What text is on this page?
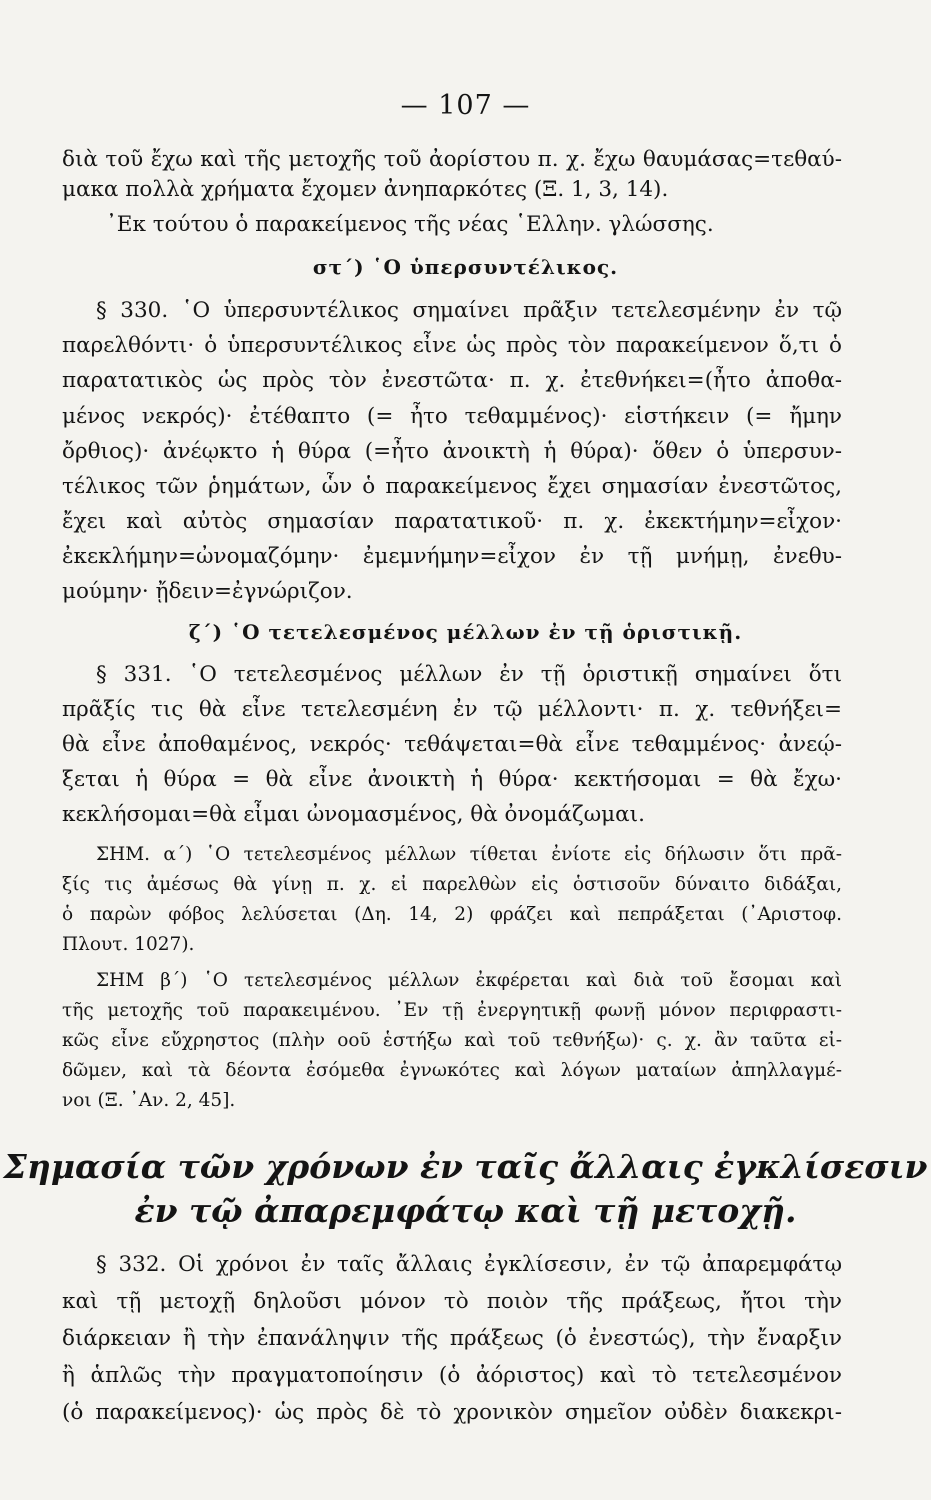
— 107 —
διὰ τοῦ ἔχω καὶ τῆς μετοχῆς τοῦ ἀορίστου π. χ. ἔχω θαυμάσας=τεθαύ-
μακα πολλὰ χρήματα ἔχομεν ἀνηπαρκότες (Ξ. 1, 3, 14).
᾿Εκ τούτου ὁ παρακείμενος τῆς νέας ῾Ελλην. γλώσσης.
στ´) ῾Ο ὑπερσυντέλικος.
§ 330. ῾Ο ὑπερσυντέλικος σημαίνει πρᾶξιν τετελεσμένην ἐν τῷ
παρελθόντι· ὁ ὑπερσυντέλικος εἶνε ὡς πρὸς τὸν παρακείμενον ὅ,τι ὁ
παρατατικὸς ὡς πρὸς τὸν ἐνεστῶτα· π. χ. ἐτεθνήκει=(ἦτο ἀποθα-
μένος νεκρός)· ἐτέθαπτο (= ἦτο τεθαμμένος)· εἱστήκειν (= ἤμην
ὄρθιος)· ἀνέῳκτο ἡ θύρα (=ἦτο ἀνοικτὴ ἡ θύρα)· ὅθεν ὁ ὑπερσυν-
τέλικος τῶν ῥημάτων, ὧν ὁ παρακείμενος ἔχει σημασίαν ἐνεστῶτος,
ἔχει καὶ αὐτὸς σημασίαν παρατατικοῦ· π. χ. ἐκεκτήμην=εἶχον·
ἐκεκλήμην=ὠνομαζόμην· ἐμεμνήμην=εἶχον ἐν τῇ μνήμῃ, ἐνεθυ-
μούμην· ᾔδειν=ἐγνώριζον.
ζ´) ῾Ο τετελεσμένος μέλλων ἐν τῇ ὁριστικῇ.
§ 331. ῾Ο τετελεσμένος μέλλων ἐν τῇ ὁριστικῇ σημαίνει ὅτι
πρᾶξίς τις θὰ εἶνε τετελεσμένη ἐν τῷ μέλλοντι· π. χ. τεθνήξει=
θὰ εἶνε ἀποθαμένος, νεκρός· τεθάψεται=θὰ εἶνε τεθαμμένος· ἀνεῴ-
ξεται ἡ θύρα = θὰ εἶνε ἀνοικτὴ ἡ θύρα· κεκτήσομαι = θὰ ἔχω·
κεκλήσομαι=θὰ εἶμαι ὠνομασμένος, θὰ ὀνομάζωμαι.
ΣΗΜ. α´) ῾Ο τετελεσμένος μέλλων τίθεται ἐνίοτε εἰς δήλωσιν ὅτι πρᾶ-
ξίς τις ἀμέσως θὰ γίνῃ π. χ. εἰ παρελθὼν εἰς ὁστισοῦν δύναιτο διδάξαι,
ὁ παρὼν φόβος λελύσεται (Δη. 14, 2) φράζει καὶ πεπράξεται (᾿Αριστοφ.
Πλουτ. 1027).
ΣΗΜ β´) ῾Ο τετελεσμένος μέλλων ἐκφέρεται καὶ διὰ τοῦ ἔσομαι καὶ
τῆς μετοχῆς τοῦ παρακειμένου. ᾿Εν τῇ ἐνεργητικῇ φωνῇ μόνον περιφραστι-
κῶς εἶνε εὔχρηστος (πλὴν οοῦ ἑστήξω καὶ τοῦ τεθνήξω)· ς. χ. ἂν ταῦτα εἰ-
δῶμεν, καὶ τὰ δέοντα ἐσόμεθα ἐγνωκότες καὶ λόγων ματαίων ἀπηλλαγμέ-
νοι (Ξ. ᾿Αν. 2, 45].
Σημασία τῶν χρόνων ἐν ταῖς ἄλλαις ἐγκλίσεσιν
ἐν τῷ ἀπαρεμφάτῳ καὶ τῇ μετοχῇ.
§ 332. Οἱ χρόνοι ἐν ταῖς ἄλλαις ἐγκλίσεσιν, ἐν τῷ ἀπαρεμφάτῳ
καὶ τῇ μετοχῇ δηλοῦσι μόνον τὸ ποιὸν τῆς πράξεως, ἤτοι τὴν
διάρκειαν ἢ τὴν ἐπανάληψιν τῆς πράξεως (ὁ ἐνεστώς), τὴν ἔναρξιν
ἢ ἁπλῶς τὴν πραγματοποίησιν (ὁ ἀόριστος) καὶ τὸ τετελεσμένον
(ὁ παρακείμενος)· ὡς πρὸς δὲ τὸ χρονικὸν σημεῖον οὐδὲν διακεκρι-
